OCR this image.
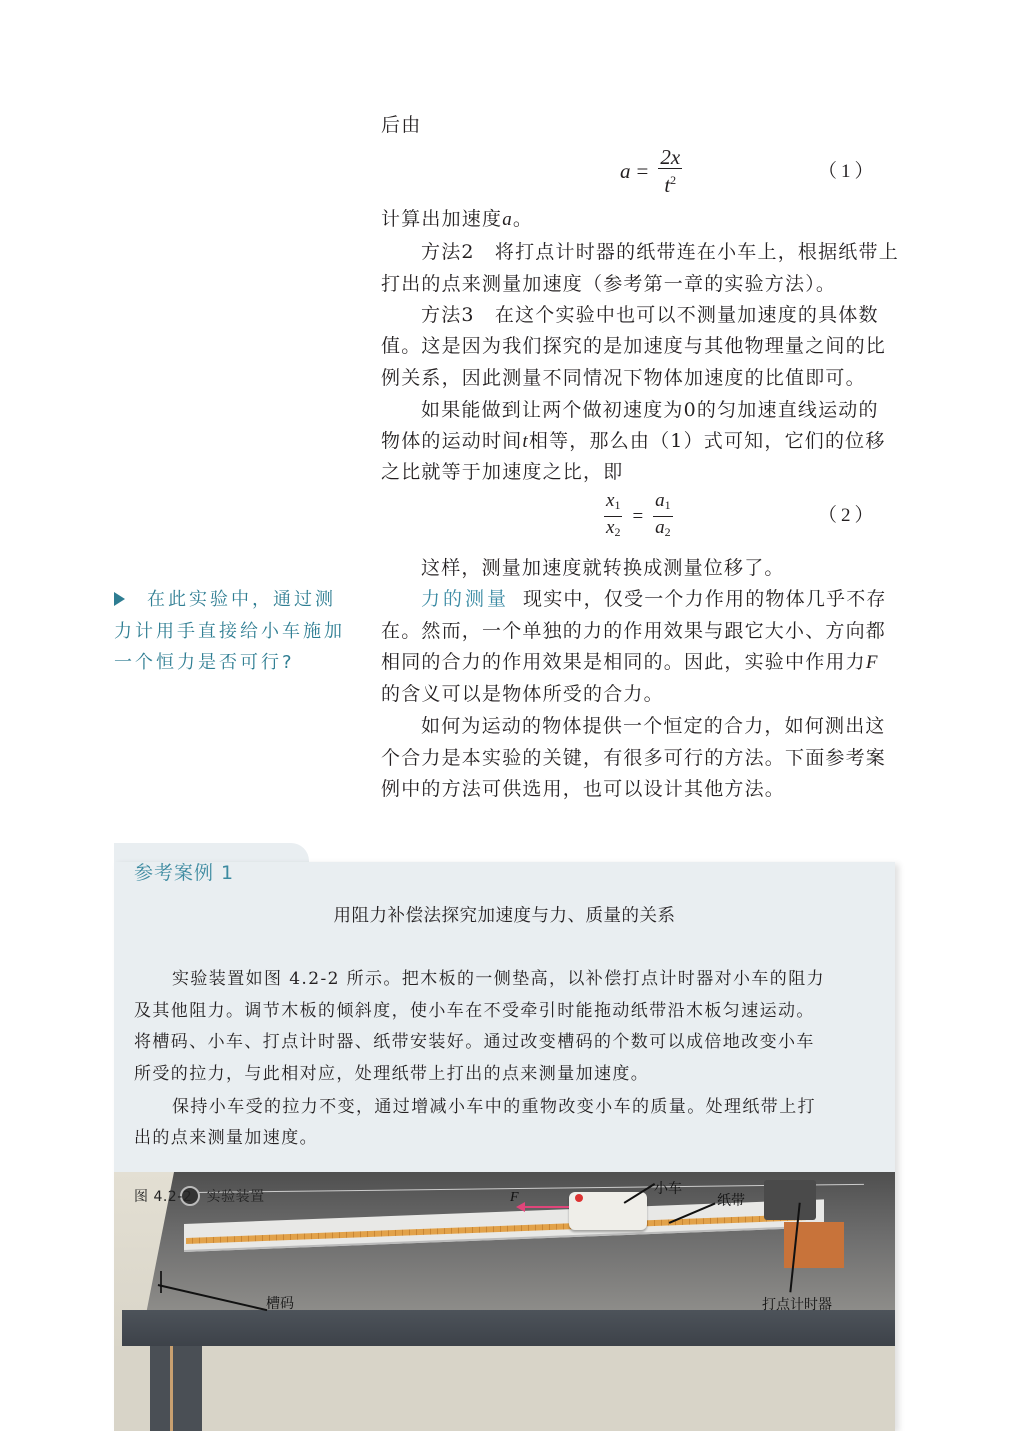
后由
$a = \frac{2x}{t^2}$	（1）
计算出加速度a。
方法2　将打点计时器的纸带连在小车上，根据纸带上
打出的点来测量加速度（参考第一章的实验方法）。
方法3　在这个实验中也可以不测量加速度的具体数
值。这是因为我们探究的是加速度与其他物理量之间的比
例关系，因此测量不同情况下物体加速度的比值即可。
如果能做到让两个做初速度为0的匀加速直线运动的
物体的运动时间t相等，那么由（1）式可知，它们的位移
之比就等于加速度之比，即
$\frac{x_1}{x_2} = \frac{a_1}{a_2}$	（2）
这样，测量加速度就转换成测量位移了。
力的测量 现实中，仅受一个力作用的物体几乎不存
在。然而，一个单独的力的作用效果与跟它大小、方向都
相同的合力的作用效果是相同的。因此，实验中作用力F
的含义可以是物体所受的合力。
如何为运动的物体提供一个恒定的合力，如何测出这
个合力是本实验的关键，有很多可行的方法。下面参考案
例中的方法可供选用，也可以设计其他方法。
在此实验中，通过测
力计用手直接给小车施加
一个恒力是否可行?
参考案例 1
用阻力补偿法探究加速度与力、质量的关系
实验装置如图 4.2-2 所示。把木板的一侧垫高，以补偿打点计时器对小车的阻力
及其他阻力。调节木板的倾斜度，使小车在不受牵引时能拖动纸带沿木板匀速运动。
将槽码、小车、打点计时器、纸带安装好。通过改变槽码的个数可以成倍地改变小车
所受的拉力，与此相对应，处理纸带上打出的点来测量加速度。
保持小车受的拉力不变，通过增减小车中的重物改变小车的质量。处理纸带上打
出的点来测量加速度。
F
图 4.2-2　实验装置	小车
纸带
槽码	打点计时器
